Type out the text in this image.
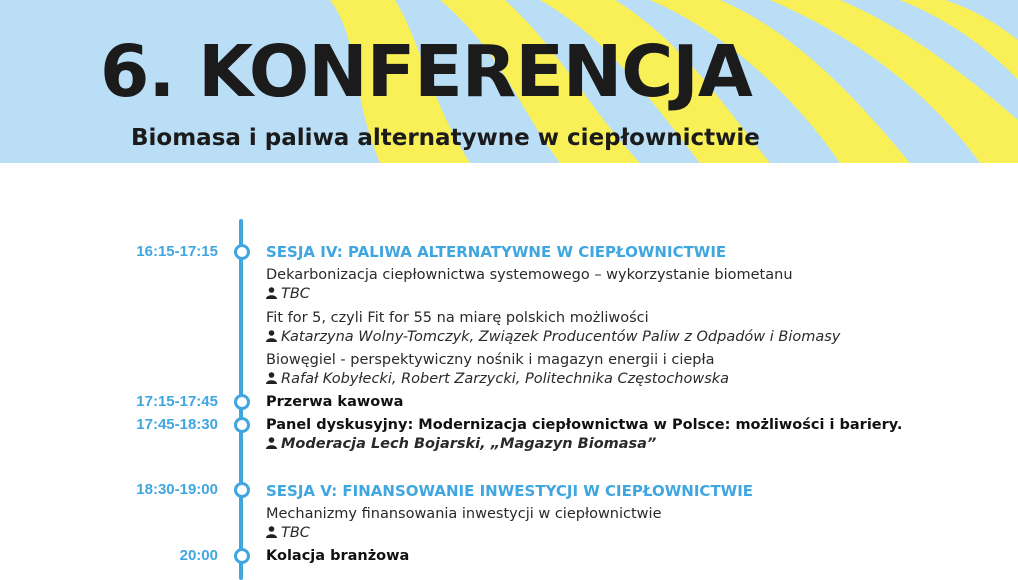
6. KONFERENCJA
Biomasa i paliwa alternatywne w ciepłownictwie
16:15-17:15	SESJA IV: PALIWA ALTERNATYWNE W CIEPŁOWNICTWIE
Dekarbonizacja ciepłownictwa systemowego – wykorzystanie biometanu
TBC
Fit for 5, czyli Fit for 55 na miarę polskich możliwości
Katarzyna Wolny-Tomczyk, Związek Producentów Paliw z Odpadów i Biomasy
Biowęgiel - perspektywiczny nośnik i magazyn energii i ciepła
Rafał Kobyłecki, Robert Zarzycki, Politechnika Częstochowska
17:15-17:45	Przerwa kawowa
17:45-18:30	Panel dyskusyjny: Modernizacja ciepłownictwa w Polsce: możliwości i bariery.
Moderacja Lech Bojarski, „Magazyn Biomasa”
18:30-19:00	SESJA V: FINANSOWANIE INWESTYCJI W CIEPŁOWNICTWIE
Mechanizmy finansowania inwestycji w ciepłownictwie
TBC
20:00	Kolacja branżowa
